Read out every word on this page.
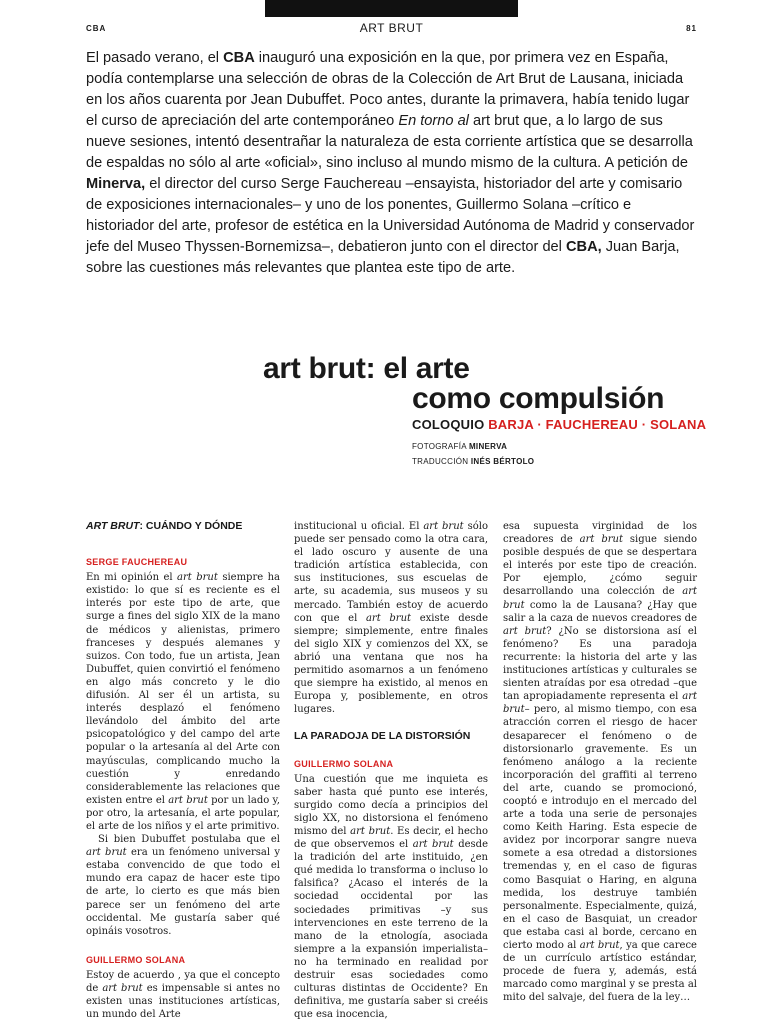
CBA	ART BRUT	81

El pasado verano, el CBA inauguró una exposición en la que, por primera vez en España, podía contemplarse una selección de obras de la Colección de Art Brut de Lausana, iniciada en los años cuarenta por Jean Dubuffet. Poco antes, durante la primavera, había tenido lugar el curso de apreciación del arte contemporáneo En torno al art brut que, a lo largo de sus nueve sesiones, intentó desentrañar la naturaleza de esta corriente artística que se desarrolla de espaldas no sólo al arte «oficial», sino incluso al mundo mismo de la cultura. A petición de Minerva, el director del curso Serge Fauchereau –ensayista, historiador del arte y comisario de exposiciones internacionales– y uno de los ponentes, Guillermo Solana –crítico e historiador del arte, profesor de estética en la Universidad Autónoma de Madrid y conservador jefe del Museo Thyssen-Bornemizsa–, debatieron junto con el director del CBA, Juan Barja, sobre las cuestiones más relevantes que plantea este tipo de arte.

art brut: el arte
como compulsión
COLOQUIO BARJA · FAUCHEREAU · SOLANA
FOTOGRAFÍA MINERVA
TRADUCCIÓN INÉS BÉRTOLO
ART BRUT: CUÁNDO Y DÓNDE
SERGE FAUCHEREAU

En mi opinión el art brut siempre ha existido: lo que sí es reciente es el interés por este tipo de arte, que surge a fines del siglo XIX de la mano de médicos y alienistas, primero franceses y después alemanes y suizos. Con todo, fue un artista, Jean Dubuffet, quien convirtió el fenómeno en algo más concreto y le dio difusión. Al ser él un artista, su interés desplazó el fenómeno llevándolo del ámbito del arte psicopatológico y del campo del arte popular o la artesanía al del Arte con mayúsculas, complicando mucho la cuestión y enredando considerablemente las relaciones que existen entre el art brut por un lado y, por otro, la artesanía, el arte popular, el arte de los niños y el arte primitivo.

Si bien Dubuffet postulaba que el art brut era un fenómeno universal y estaba convencido de que todo el mundo era capaz de hacer este tipo de arte, lo cierto es que más bien parece ser un fenómeno del arte occidental. Me gustaría saber qué opináis vosotros.

GUILLERMO SOLANA

Estoy de acuerdo , ya que el concepto de art brut es impensable si antes no existen unas instituciones artísticas, un mundo del Arte

institucional u oficial. El art brut sólo puede ser pensado como la otra cara, el lado oscuro y ausente de una tradición artística establecida, con sus instituciones, sus escuelas de arte, su academia, sus museos y su mercado. También estoy de acuerdo con que el art brut existe desde siempre; simplemente, entre finales del siglo XIX y comienzos del XX, se abrió una ventana que nos ha permitido asomarnos a un fenómeno que siempre ha existido, al menos en Europa y, posiblemente, en otros lugares.

LA PARADOJA DE LA DISTORSIÓN
GUILLERMO SOLANA

Una cuestión que me inquieta es saber hasta qué punto ese interés, surgido como decía a principios del siglo XX, no distorsiona el fenómeno mismo del art brut. Es decir, el hecho de que observemos el art brut desde la tradición del arte instituido, ¿en qué medida lo transforma o incluso lo falsifica? ¿Acaso el interés de la sociedad occidental por las sociedades primitivas –y sus intervenciones en este terreno de la mano de la etnología, asociada siempre a la expansión imperialista– no ha terminado en realidad por destruir esas sociedades como culturas distintas de Occidente? En definitiva, me gustaría saber si creéis que esa inocencia,

esa supuesta virginidad de los creadores de art brut sigue siendo posible después de que se despertara el interés por este tipo de creación. Por ejemplo, ¿cómo seguir desarrollando una colección de art brut como la de Lausana? ¿Hay que salir a la caza de nuevos creadores de art brut? ¿No se distorsiona así el fenómeno? Es una paradoja recurrente: la historia del arte y las instituciones artísticas y culturales se sienten atraídas por esa otredad –que tan apropiadamente representa el art brut– pero, al mismo tiempo, con esa atracción corren el riesgo de hacer desaparecer el fenómeno o de distorsionarlo gravemente. Es un fenómeno análogo a la reciente incorporación del graffiti al terreno del arte, cuando se promocionó, cooptó e introdujo en el mercado del arte a toda una serie de personajes como Keith Haring. Esta especie de avidez por incorporar sangre nueva somete a esa otredad a distorsiones tremendas y, en el caso de figuras como Basquiat o Haring, en alguna medida, los destruye también personalmente. Especialmente, quizá, en el caso de Basquiat, un creador que estaba casi al borde, cercano en cierto modo al art brut, ya que carece de un currículo artístico estándar, procede de fuera y, además, está marcado como marginal y se presta al mito del salvaje, del fuera de la ley…
